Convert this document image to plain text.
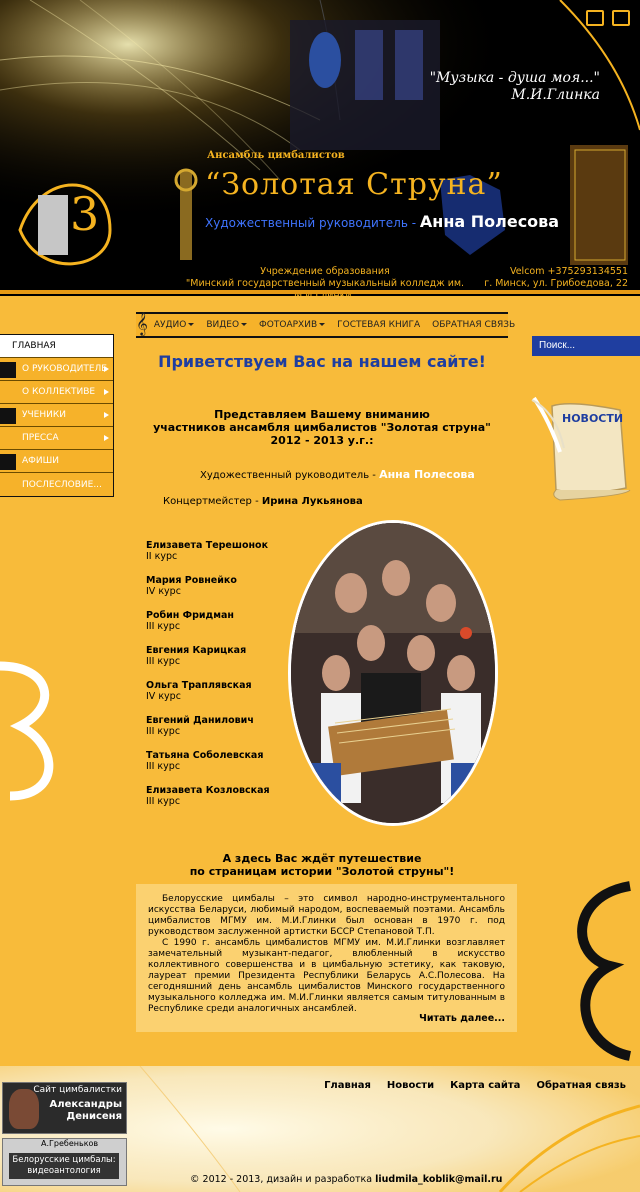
3
"Музыка - душа моя..."
М.И.Глинка
Ансамбль цимбалистов
“Золотая Струна”
Художественный руководитель - Анна Полесова
Учреждение образования
"Минский государственный музыкальный колледж им.
Velcom +375293134551
г. Минск, ул. Грибоедова, 22
𝄞 АУДИО	ВИДЕО	ФОТОАРХИВ	ГОСТЕВАЯ КНИГА	ОБРАТНАЯ СВЯЗЬ
ГЛАВНАЯ
О РУКОВОДИТЕЛЕ
О КОЛЛЕКТИВЕ
УЧЕНИКИ
ПРЕССА
АФИШИ
ПОСЛЕСЛОВИЕ...
Поиск...
НОВОСТИ
Приветствуем Вас на нашем сайте!
Представляем Вашему вниманию
участников ансамбля цимбалистов "Золотая струна"
2012 - 2013 у.г.:
Художественный руководитель - Анна Полесова
Концертмейстер - Ирина Лукьянова
Елизавета Терешонок
II курс
Мария Ровнейко
IV курс
Робин Фридман
III курс
Евгения Карицкая
III курс
Ольга Траплявская
IV курс
Евгений Данилович
III курс
Татьяна Соболевская
III курс
Елизавета Козловская
III курс
А здесь Вас ждёт путешествие
по страницам истории "Золотой струны"!

Белорусские цимбалы – это символ народно-инструментального искусства Беларуси, любимый народом, воспеваемый поэтами. Ансамбль цимбалистов МГМУ им. М.И.Глинки был основан в 1970 г. под руководством заслуженной артистки БССР Степановой Т.П.

С 1990 г. ансамбль цимбалистов МГМУ им. М.И.Глинки возглавляет замечательный музыкант-педагог, влюбленный в искусство коллективного совершенства и в цимбальную эстетику, как таковую, лауреат премии Президента Республики Беларусь А.С.Полесова. На сегодняшний день ансамбль цимбалистов Минского государственного музыкального колледжа им. М.И.Глинки является самым титулованным в Республике среди аналогичных ансамблей.

Читать далее...
Главная Новости Карта сайта Обратная связь
Сайт цимбалистки
Александры
Денисеня
А.Гребеньков
Белорусские цимбалы:
видеоантология
© 2012 - 2013, дизайн и разработка liudmila_koblik@mail.ru
